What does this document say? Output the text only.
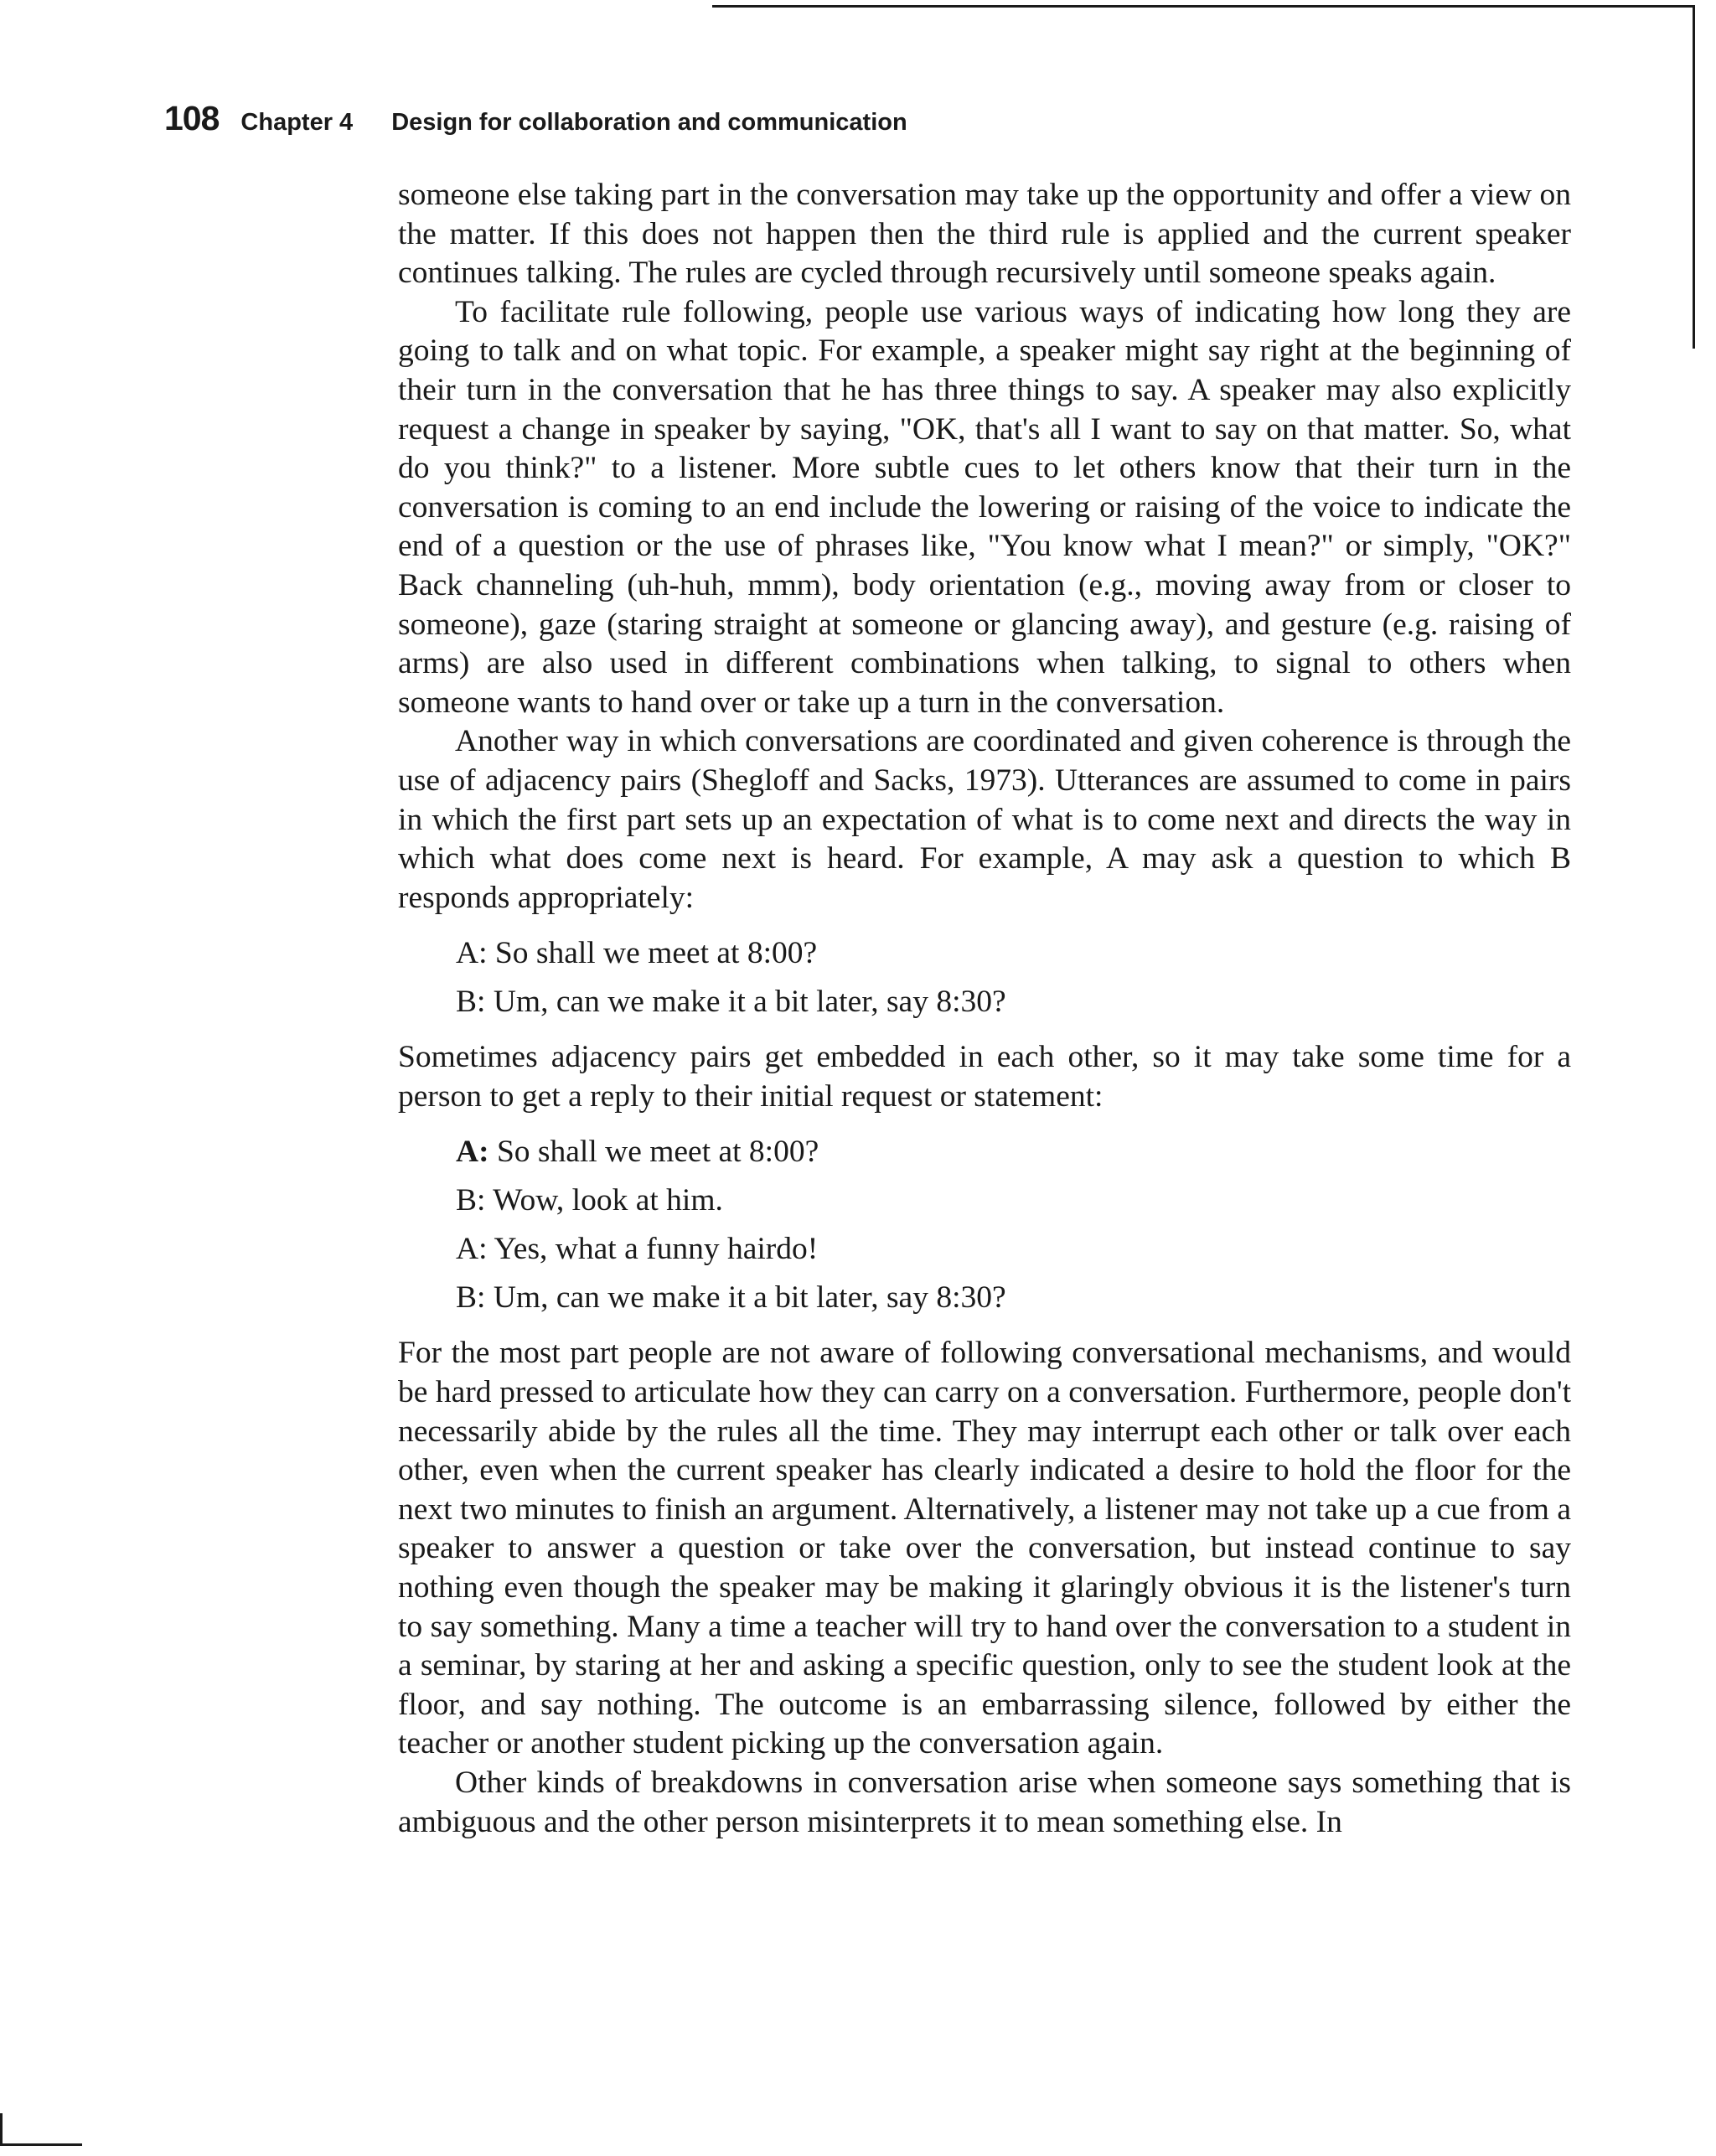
108 Chapter 4 Design for collaboration and communication

someone else taking part in the conversation may take up the opportunity and offer a view on the matter. If this does not happen then the third rule is applied and the current speaker continues talking. The rules are cycled through recursively until someone speaks again.

To facilitate rule following, people use various ways of indicating how long they are going to talk and on what topic. For example, a speaker might say right at the beginning of their turn in the conversation that he has three things to say. A speaker may also explicitly request a change in speaker by saying, "OK, that's all I want to say on that matter. So, what do you think?" to a listener. More subtle cues to let others know that their turn in the conversation is coming to an end include the lowering or raising of the voice to indicate the end of a question or the use of phrases like, "You know what I mean?" or simply, "OK?" Back channeling (uh-huh, mmm), body orientation (e.g., moving away from or closer to someone), gaze (staring straight at someone or glancing away), and gesture (e.g. raising of arms) are also used in different combinations when talking, to signal to others when someone wants to hand over or take up a turn in the conversation.

Another way in which conversations are coordinated and given coherence is through the use of adjacency pairs (Shegloff and Sacks, 1973). Utterances are assumed to come in pairs in which the first part sets up an expectation of what is to come next and directs the way in which what does come next is heard. For example, A may ask a question to which B responds appropriately:

A: So shall we meet at 8:00?
B: Um, can we make it a bit later, say 8:30?

Sometimes adjacency pairs get embedded in each other, so it may take some time for a person to get a reply to their initial request or statement:

A: So shall we meet at 8:00?
B: Wow, look at him.
A: Yes, what a funny hairdo!
B: Um, can we make it a bit later, say 8:30?

For the most part people are not aware of following conversational mechanisms, and would be hard pressed to articulate how they can carry on a conversation. Furthermore, people don't necessarily abide by the rules all the time. They may interrupt each other or talk over each other, even when the current speaker has clearly indicated a desire to hold the floor for the next two minutes to finish an argument. Alternatively, a listener may not take up a cue from a speaker to answer a question or take over the conversation, but instead continue to say nothing even though the speaker may be making it glaringly obvious it is the listener's turn to say something. Many a time a teacher will try to hand over the conversation to a student in a seminar, by staring at her and asking a specific question, only to see the student look at the floor, and say nothing. The outcome is an embarrassing silence, followed by either the teacher or another student picking up the conversation again.

Other kinds of breakdowns in conversation arise when someone says something that is ambiguous and the other person misinterprets it to mean something else. In
